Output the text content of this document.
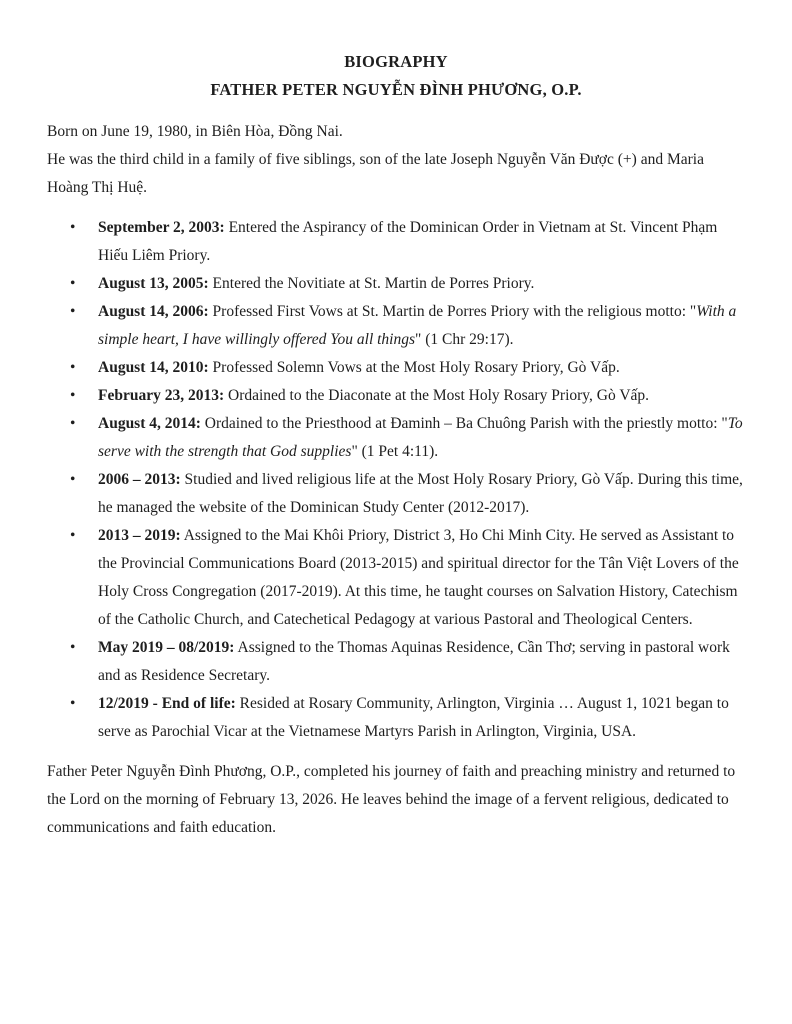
BIOGRAPHY
FATHER PETER NGUYỄN ĐÌNH PHƯƠNG, O.P.

Born on June 19, 1980, in Biên Hòa, Đồng Nai.

He was the third child in a family of five siblings, son of the late Joseph Nguyễn Văn Được (+) and Maria Hoàng Thị Huệ.

• September 2, 2003: Entered the Aspirancy of the Dominican Order in Vietnam at St. Vincent Phạm Hiếu Liêm Priory.
• August 13, 2005: Entered the Novitiate at St. Martin de Porres Priory.
• August 14, 2006: Professed First Vows at St. Martin de Porres Priory with the religious motto: "With a simple heart, I have willingly offered You all things" (1 Chr 29:17).
• August 14, 2010: Professed Solemn Vows at the Most Holy Rosary Priory, Gò Vấp.
• February 23, 2013: Ordained to the Diaconate at the Most Holy Rosary Priory, Gò Vấp.
• August 4, 2014: Ordained to the Priesthood at Đaminh – Ba Chuông Parish with the priestly motto: "To serve with the strength that God supplies" (1 Pet 4:11).
• 2006 – 2013: Studied and lived religious life at the Most Holy Rosary Priory, Gò Vấp. During this time, he managed the website of the Dominican Study Center (2012-2017).
• 2013 – 2019: Assigned to the Mai Khôi Priory, District 3, Ho Chi Minh City. He served as Assistant to the Provincial Communications Board (2013-2015) and spiritual director for the Tân Việt Lovers of the Holy Cross Congregation (2017-2019). At this time, he taught courses on Salvation History, Catechism of the Catholic Church, and Catechetical Pedagogy at various Pastoral and Theological Centers.
• May 2019 – 08/2019: Assigned to the Thomas Aquinas Residence, Cần Thơ; serving in pastoral work and as Residence Secretary.
• 12/2019 - End of life: Resided at Rosary Community, Arlington, Virginia … August 1, 1021 began to serve as Parochial Vicar at the Vietnamese Martyrs Parish in Arlington, Virginia, USA.

Father Peter Nguyễn Đình Phương, O.P., completed his journey of faith and preaching ministry and returned to the Lord on the morning of February 13, 2026. He leaves behind the image of a fervent religious, dedicated to communications and faith education.
